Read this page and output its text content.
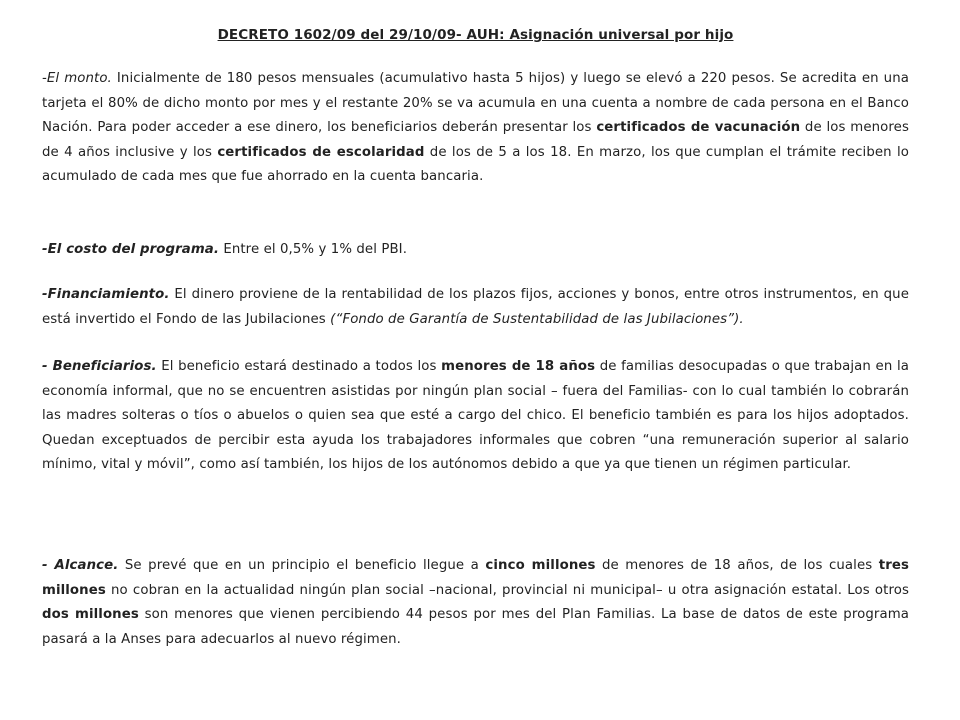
DECRETO 1602/09 del 29/10/09- AUH: Asignación universal por hijo

-El monto. Inicialmente de 180 pesos mensuales (acumulativo hasta 5 hijos) y luego se elevó a 220 pesos. Se acredita en una tarjeta el 80% de dicho monto por mes y el restante 20% se va acumula en una cuenta a nombre de cada persona en el Banco Nación. Para poder acceder a ese dinero, los beneficiarios deberán presentar los certificados de vacunación de los menores de 4 años inclusive y los certificados de escolaridad de los de 5 a los 18. En marzo, los que cumplan el trámite reciben lo acumulado de cada mes que fue ahorrado en la cuenta bancaria.

-El costo del programa. Entre el 0,5% y 1% del PBI.

-Financiamiento. El dinero proviene de la rentabilidad de los plazos fijos, acciones y bonos, entre otros instrumentos, en que está invertido el Fondo de las Jubilaciones (“Fondo de Garantía de Sustentabilidad de las Jubilaciones”).

- Beneficiarios. El beneficio estará destinado a todos los menores de 18 años de familias desocupadas o que trabajan en la economía informal, que no se encuentren asistidas por ningún plan social – fuera del Familias- con lo cual también lo cobrarán las madres solteras o tíos o abuelos o quien sea que esté a cargo del chico. El beneficio también es para los hijos adoptados. Quedan exceptuados de percibir esta ayuda los trabajadores informales que cobren “una remuneración superior al salario mínimo, vital y móvil”, como así también, los hijos de los autónomos debido a que ya que tienen un régimen particular.

- Alcance. Se prevé que en un principio el beneficio llegue a cinco millones de menores de 18 años, de los cuales tres millones no cobran en la actualidad ningún plan social –nacional, provincial ni municipal– u otra asignación estatal. Los otros dos millones son menores que vienen percibiendo 44 pesos por mes del Plan Familias. La base de datos de este programa pasará a la Anses para adecuarlos al nuevo régimen.
